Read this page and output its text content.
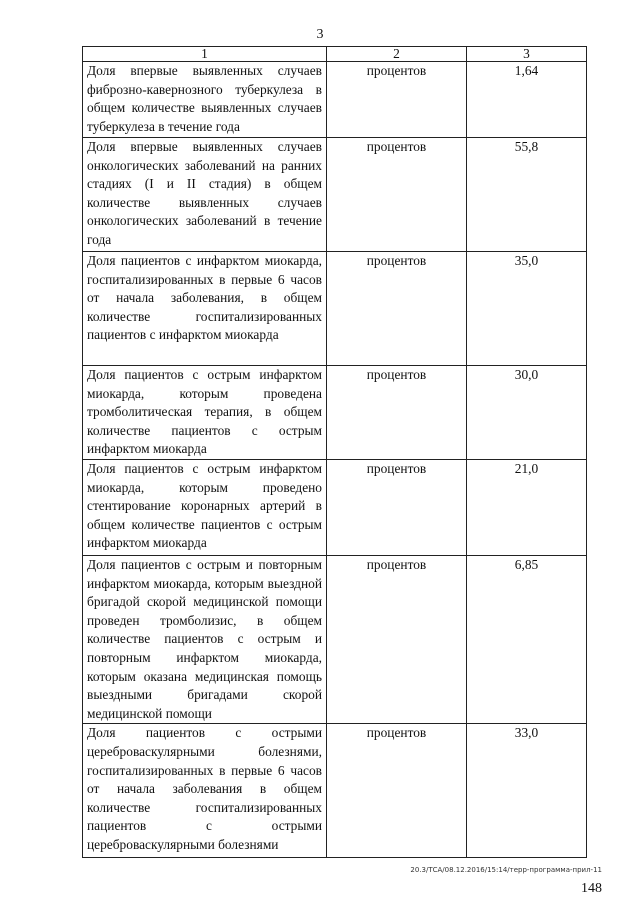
3
1	2	3
Доля впервые выявленных случаев фиброзно-кавернозного туберкулеза в общем количестве выявленных случаев туберкулеза в течение года	процентов	1,64
Доля впервые выявленных случаев онкологических заболеваний на ранних стадиях (I и II стадия) в общем количестве выявленных случаев онкологических заболеваний в течение года	процентов	55,8
Доля пациентов с инфарктом миокарда, госпитализированных в первые 6 часов от начала заболевания, в общем количестве госпитализированных пациентов с инфарктом миокарда	процентов	35,0
Доля пациентов с острым инфарктом миокарда, которым проведена тромболитическая терапия, в общем количестве пациентов с острым инфарктом миокарда	процентов	30,0
Доля пациентов с острым инфарктом миокарда, которым проведено стентирование коронарных артерий в общем количестве пациентов с острым инфарктом миокарда	процентов	21,0
Доля пациентов с острым и повторным инфарктом миокарда, которым выездной бригадой скорой медицинской помощи проведен тромболизис, в общем количестве пациентов с острым и повторным инфарктом миокарда, которым оказана медицинская помощь выездными бригадами скорой медицинской помощи	процентов	6,85
Доля пациентов с острыми цереброваскулярными болезнями, госпитализированных в первые 6 часов от начала заболевания в общем количестве госпитализированных пациентов с острыми цереброваскулярными болезнями	процентов	33,0
20.3/ТСА/08.12.2016/15:14/терр-программа-прил-11
148
